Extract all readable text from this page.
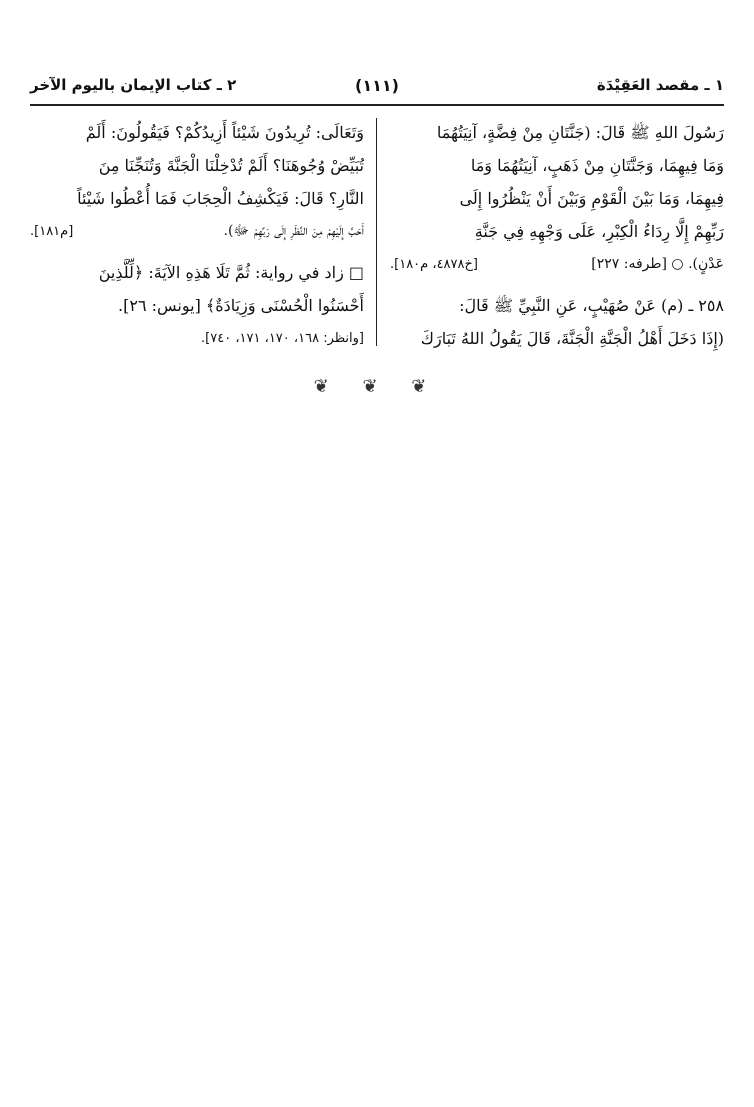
١ ـ مقصد العَقِيْدَة
(١١١)
٢ ـ كتاب الإيمان باليوم الآخر
رَسُولَ اللهِ ﷺ قَالَ: (جَنَّتَانِ مِنْ فِضَّةٍ، آنِيَتُهُمَا
وَمَا فِيهِمَا، وَجَنَّتَانِ مِنْ ذَهَبٍ، آنِيَتُهُمَا وَمَا
فِيهِمَا، وَمَا بَيْنَ الْقَوْمِ وَبَيْنَ أَنْ يَنْظُرُوا إِلَى
رَبِّهِمْ إِلَّا رِدَاءُ الْكِبْرِ، عَلَى وَجْهِهِ فِي جَنَّةِ
عَدْنٍ). ○ [طرفه: ٢٢٧]
[خ٤٨٧٨، م١٨٠].
٢٥٨ ـ (م) عَنْ صُهَيْبٍ، عَنِ النَّبِيِّ ﷺ قَالَ:
(إِذَا دَخَلَ أَهْلُ الْجَنَّةِ الْجَنَّةَ، قَالَ يَقُولُ اللهُ تَبَارَكَ
وَتَعَالَى: تُرِيدُونَ شَيْئاً أَزِيدُكُمْ؟ فَيَقُولُونَ: أَلَمْ
تُبَيِّضْ وُجُوهَنَا؟ أَلَمْ تُدْخِلْنَا الْجَنَّةَ وَتُنَجِّنَا مِنَ
النَّارِ؟ قَالَ: فَيَكْشِفُ الْحِجَابَ فَمَا أُعْطُوا شَيْئاً
أَحَبَّ إِلَيْهِمْ مِنَ النَّظَرِ إِلَى رَبِّهِمْ ﷻ).
[م١٨١].
□ زاد في رواية: ثُمَّ تَلَا هَذِهِ الآيَةَ: ﴿لِّلَّذِينَ
أَحْسَنُوا الْحُسْنَى وَزِيَادَةٌ﴾ [يونس: ٢٦].
[وانظر: ١٦٨، ١٧٠، ١٧١، ٧٤٠].
❦ ❦ ❦
